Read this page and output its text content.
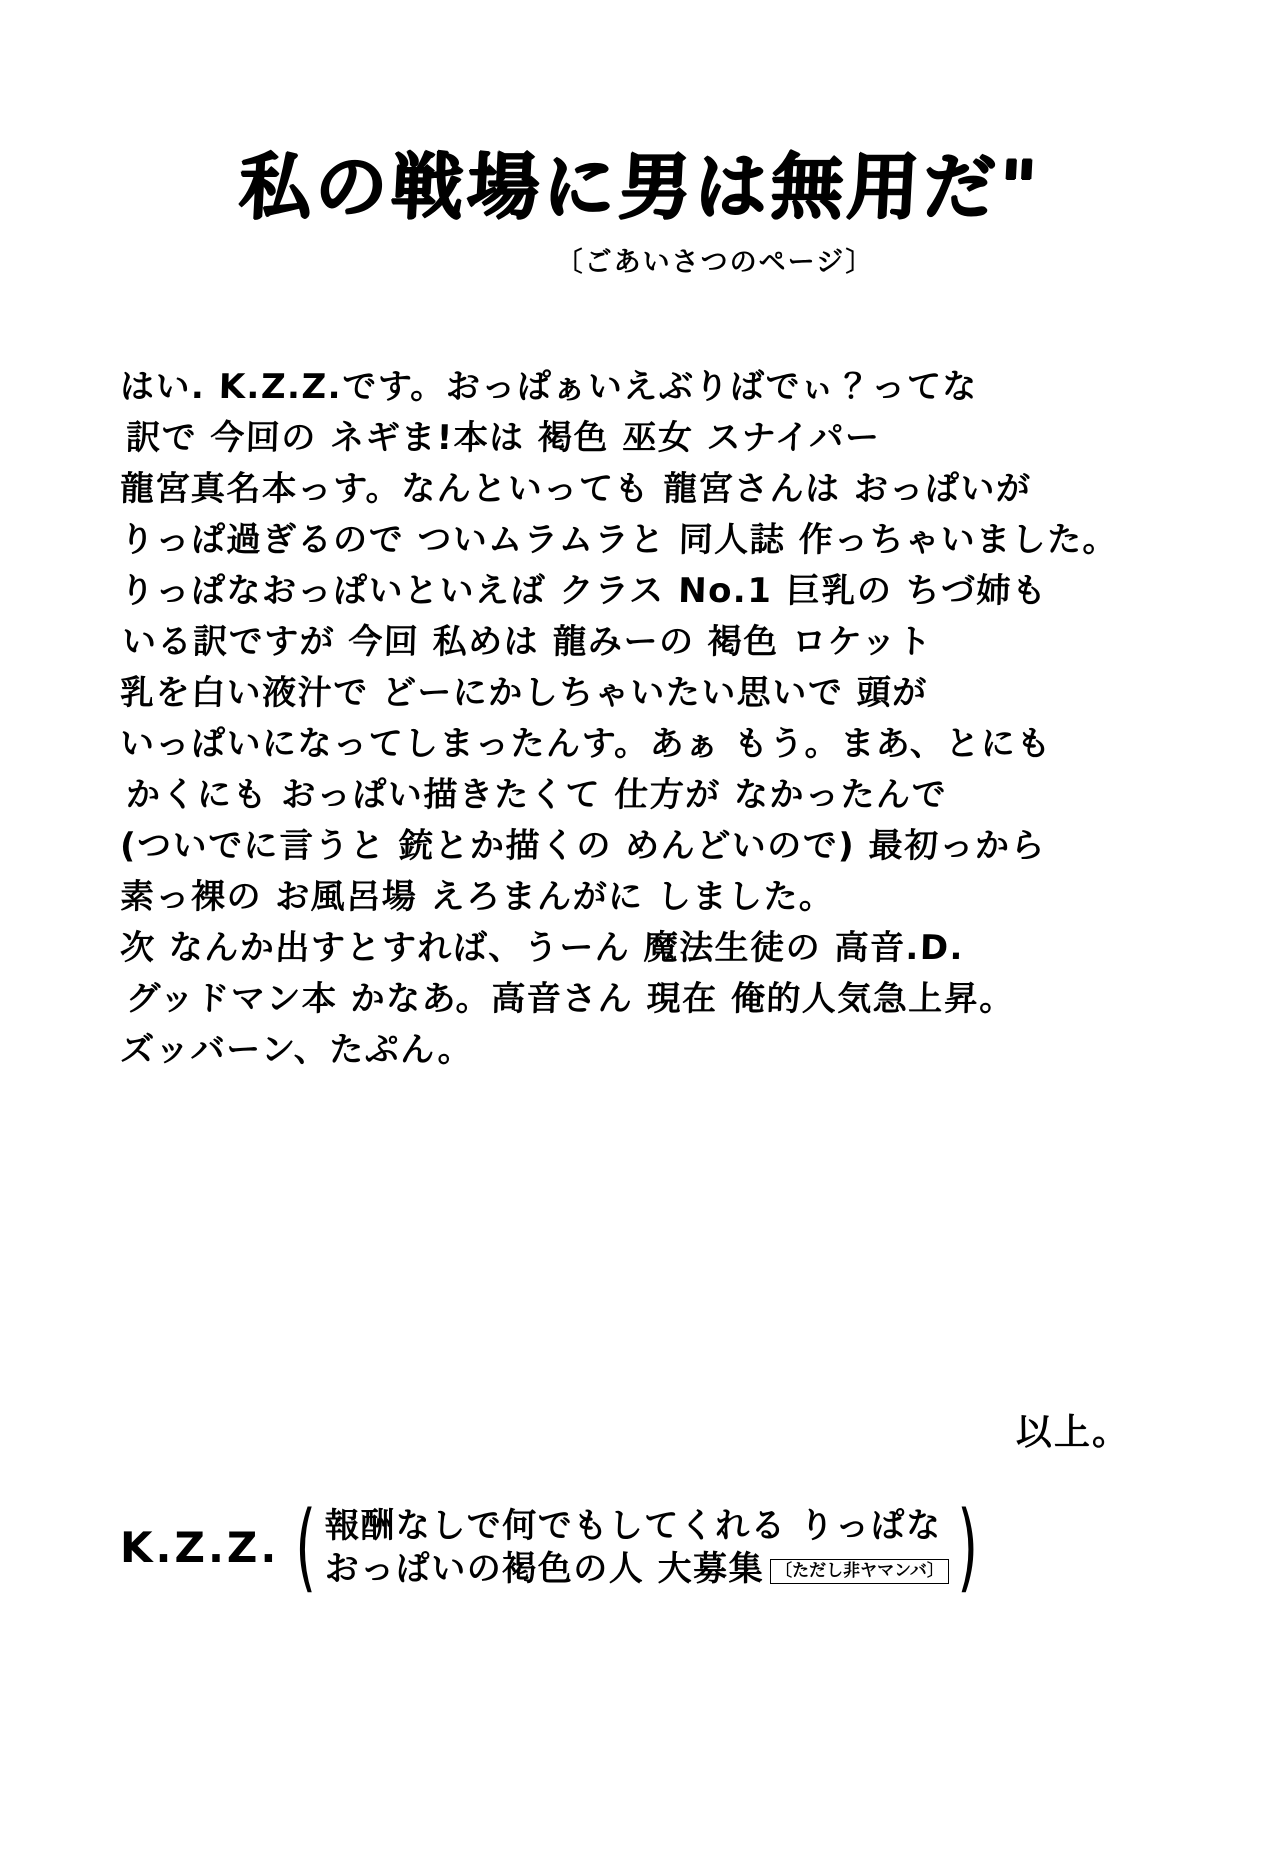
私の戦場に男は無用だ"
〔ごあいさつのページ〕
はい. K.Z.Z.です。おっぱぁいえぶりばでぃ？ってな
訳で 今回の ネギま!本は 褐色 巫女 スナイパー
龍宮真名本っす。なんといっても 龍宮さんは おっぱいが
りっぱ過ぎるので ついムラムラと 同人誌 作っちゃいました。
りっぱなおっぱいといえば クラス No.1 巨乳の ちづ姉も
いる訳ですが 今回 私めは 龍みーの 褐色 ロケット
乳を白い液汁で どーにかしちゃいたい思いで 頭が
いっぱいになってしまったんす。あぁ もう。まあ、とにも
かくにも おっぱい描きたくて 仕方が なかったんで
(ついでに言うと 銃とか描くの めんどいので) 最初っから
素っ裸の お風呂場 えろまんがに しました。
次 なんか出すとすれば、うーん 魔法生徒の 高音.D.
グッドマン本 かなあ。高音さん 現在 俺的人気急上昇。
ズッバーン、たぷん。
以上。
K.Z.Z. ( 報酬なしで何でもしてくれる りっぱな
おっぱいの褐色の人 大募集 〔ただし非ヤマンバ〕 )
